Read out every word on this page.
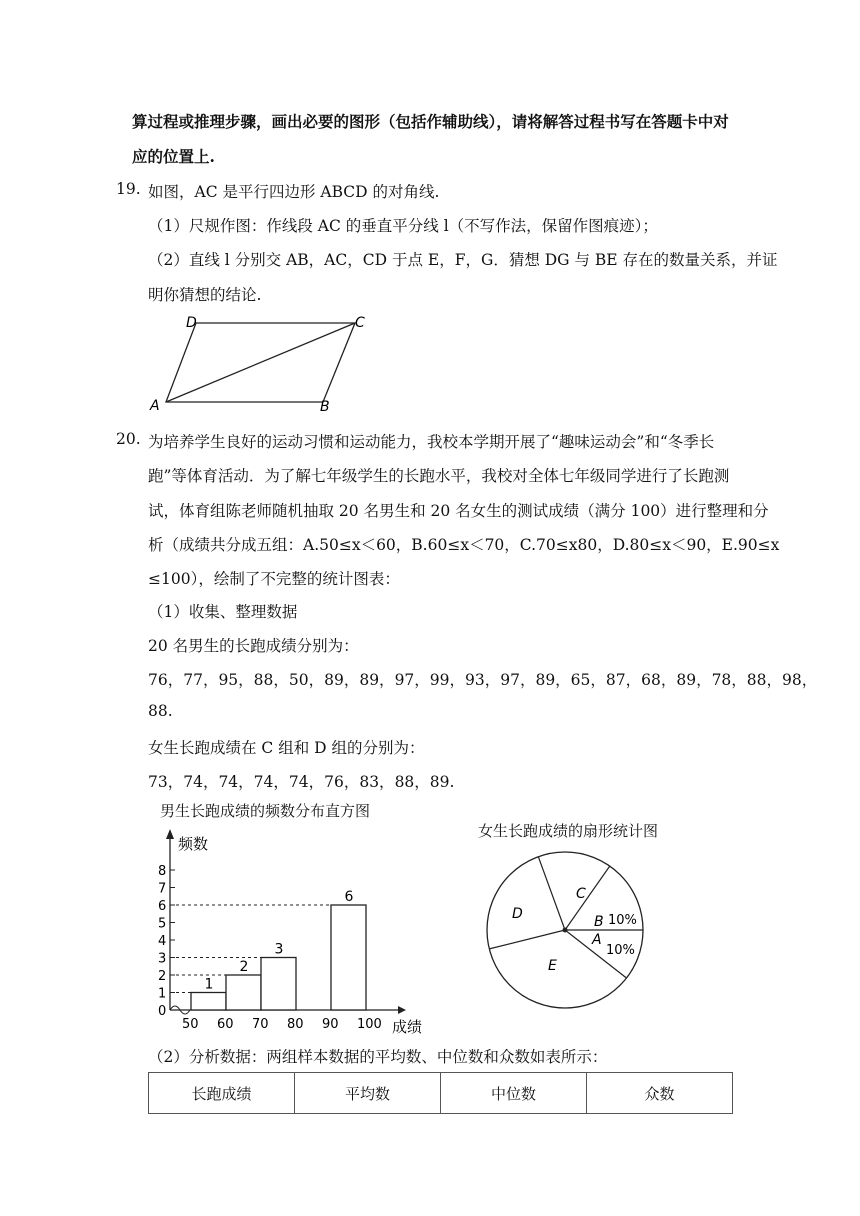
算过程或推理步骤，画出必要的图形（包括作辅助线），请将解答过程书写在答题卡中对
应的位置上.
19. 如图，AC 是平行四边形 ABCD 的对角线.
（1）尺规作图：作线段 AC 的垂直平分线 l（不写作法，保留作图痕迹）；
（2）直线 l 分别交 AB，AC，CD 于点 E，F，G．猜想 DG 与 BE 存在的数量关系，并证
明你猜想的结论.
A	B
C
D
20. 为培养学生良好的运动习惯和运动能力，我校本学期开展了“趣味运动会”和“冬季长
跑”等体育活动．为了解七年级学生的长跑水平，我校对全体七年级同学进行了长跑测
试，体育组陈老师随机抽取 20 名男生和 20 名女生的测试成绩（满分 100）进行整理和分
析（成绩共分成五组：A.50≤x＜60，B.60≤x＜70，C.70≤x80，D.80≤x＜90，E.90≤x
≤100），绘制了不完整的统计图表：
（1）收集、整理数据
20 名男生的长跑成绩分别为：
76，77，95，88，50，89，89，97，99，93，97，89，65，87，68，89，78，88，98，
88.
女生长跑成绩在 C 组和 D 组的分别为：
73，74，74，74，74，76，83，88，89.
男生长跑成绩的频数分布直方图
频数
成绩
0
1
2
3
4
5
6
7
8
50 60 70 80 90 100
1
2
3
6
女生长跑成绩的扇形统计图
C
B
A
E
D	10%
10%
（2）分析数据：两组样本数据的平均数、中位数和众数如表所示：
长跑成绩	平均数	中位数	众数
